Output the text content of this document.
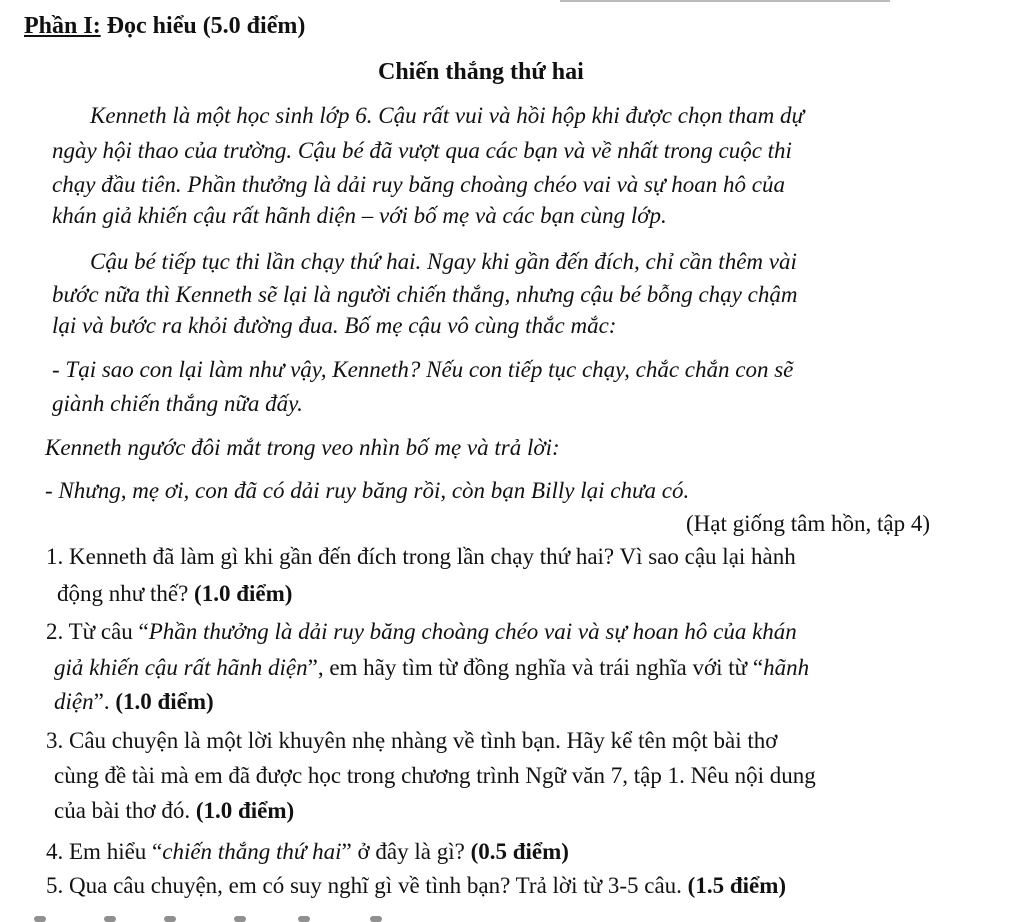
Phần I: Đọc hiểu (5.0 điểm)
Chiến thắng thứ hai
Kenneth là một học sinh lớp 6. Cậu rất vui và hồi hộp khi được chọn tham dự
ngày hội thao của trường. Cậu bé đã vượt qua các bạn và về nhất trong cuộc thi
chạy đầu tiên. Phần thưởng là dải ruy băng choàng chéo vai và sự hoan hô của
khán giả khiến cậu rất hãnh diện – với bố mẹ và các bạn cùng lớp.
Cậu bé tiếp tục thi lần chạy thứ hai. Ngay khi gần đến đích, chỉ cần thêm vài
bước nữa thì Kenneth sẽ lại là người chiến thắng, nhưng cậu bé bỗng chạy chậm
lại và bước ra khỏi đường đua. Bố mẹ cậu vô cùng thắc mắc:
- Tại sao con lại làm như vậy, Kenneth? Nếu con tiếp tục chạy, chắc chắn con sẽ
giành chiến thắng nữa đấy.
Kenneth ngước đôi mắt trong veo nhìn bố mẹ và trả lời:
- Nhưng, mẹ ơi, con đã có dải ruy băng rồi, còn bạn Billy lại chưa có.
(Hạt giống tâm hồn, tập 4)
1. Kenneth đã làm gì khi gần đến đích trong lần chạy thứ hai? Vì sao cậu lại hành
động như thế? (1.0 điểm)
2. Từ câu “Phần thưởng là dải ruy băng choàng chéo vai và sự hoan hô của khán
giả khiến cậu rất hãnh diện”, em hãy tìm từ đồng nghĩa và trái nghĩa với từ “hãnh
diện”. (1.0 điểm)
3. Câu chuyện là một lời khuyên nhẹ nhàng về tình bạn. Hãy kể tên một bài thơ
cùng đề tài mà em đã được học trong chương trình Ngữ văn 7, tập 1. Nêu nội dung
của bài thơ đó. (1.0 điểm)
4. Em hiểu “chiến thắng thứ hai” ở đây là gì? (0.5 điểm)
5. Qua câu chuyện, em có suy nghĩ gì về tình bạn? Trả lời từ 3-5 câu. (1.5 điểm)
